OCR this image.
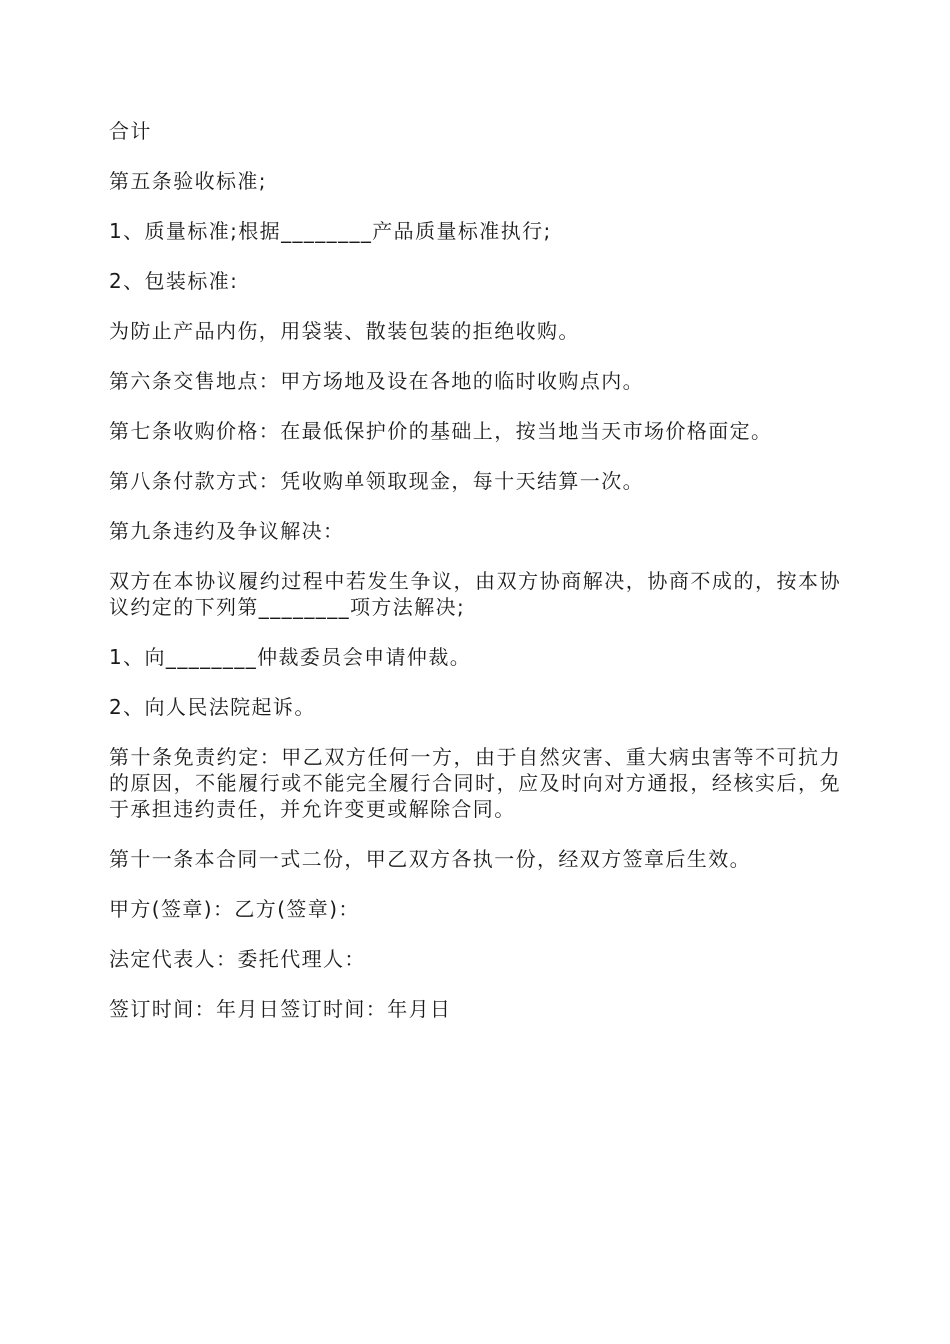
合计

第五条验收标准;

1、质量标准;根据________产品质量标准执行;

2、包装标准:

为防止产品内伤，用袋装、散装包装的拒绝收购。

第六条交售地点：甲方场地及设在各地的临时收购点内。

第七条收购价格：在最低保护价的基础上，按当地当天市场价格面定。

第八条付款方式：凭收购单领取现金，每十天结算一次。

第九条违约及争议解决：

双方在本协议履约过程中若发生争议，由双方协商解决，协商不成的，按本协议约定的下列第________项方法解决;

1、向________仲裁委员会申请仲裁。

2、向人民法院起诉。

第十条免责约定：甲乙双方任何一方，由于自然灾害、重大病虫害等不可抗力的原因，不能履行或不能完全履行合同时，应及时向对方通报，经核实后，免于承担违约责任，并允许变更或解除合同。

第十一条本合同一式二份，甲乙双方各执一份，经双方签章后生效。

甲方(签章)：乙方(签章)：

法定代表人：委托代理人：

签订时间：年月日签订时间：年月日
